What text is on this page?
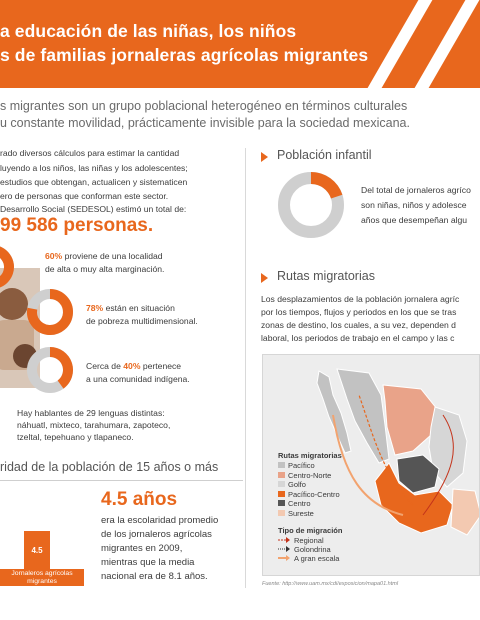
a educación de las niñas, los niños
s de familias jornaleras agrícolas migrantes
s migrantes son un grupo poblacional heterogéneo en términos culturales
u constante movilidad, prácticamente invisible para la sociedad mexicana.
rado diversos cálculos para estimar la cantidad
luyendo a los niños, las niñas y los adolescentes;
estudios que obtengan, actualicen y sistematicen
ero de personas que conforman este sector.
Desarrollo Social (SEDESOL) estimó un total de:
99 586 personas.
60% proviene de una localidad
de alta o muy alta marginación.
78% están en situación
de pobreza multidimensional.
Cerca de 40% pertenece
a una comunidad indígena.
Hay hablantes de 29 lenguas distintas:
náhuatl, mixteco, tarahumara, zapoteco,
tzeltal, tepehuano y tlapaneco.
ridad de la población de 15 años o más
4.5
Jornaleros agrícolas
migrantes
4.5 años
era la escolaridad promedio
de los jornaleros agrícolas
migrantes en 2009,
mientras que la media
nacional era de 8.1 años.
Población infantil
Del total de jornaleros agríco
son niñas, niños y adolesce
años que desempeñan algu
Rutas migratorias
Los desplazamientos de la población jornalera agríc
por los tiempos, flujos y periodos en los que se tras
zonas de destino, los cuales, a su vez, dependen d
laboral, los periodos de trabajo en el campo y las c
Rutas migratorias
Pacífico
Centro-Norte
Golfo
Pacífico-Centro
Centro
Sureste
Tipo de migración
Regional
Golondrina
A gran escala
Fuente: http://www.uam.mx/cdi/exposicion/mapa01.html
